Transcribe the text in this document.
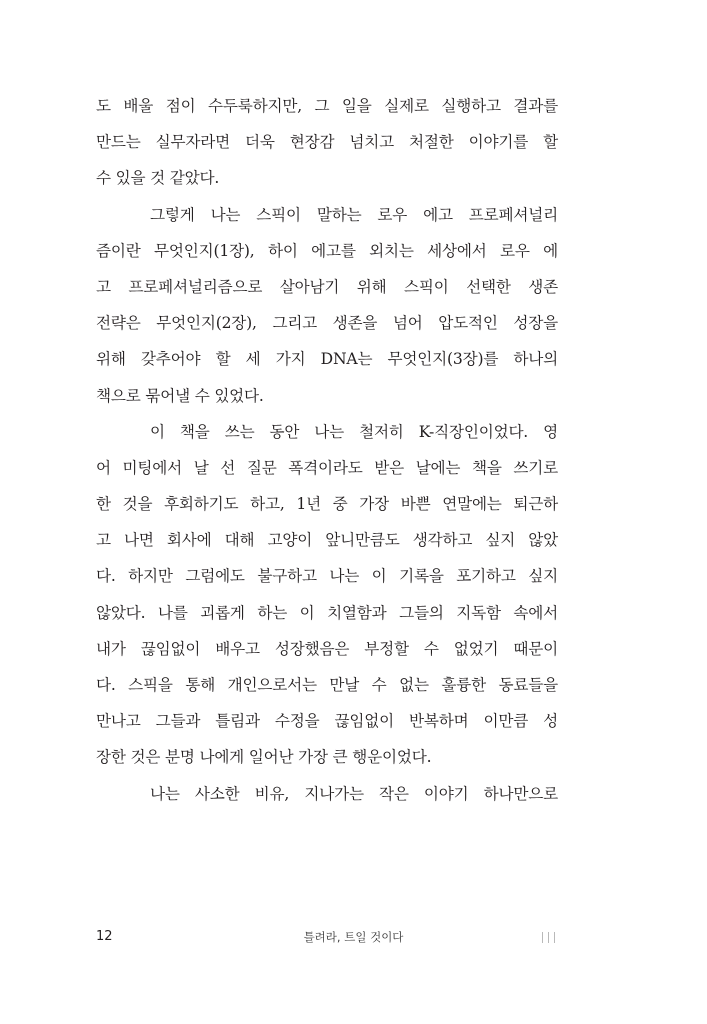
도 배울 점이 수두룩하지만, 그 일을 실제로 실행하고 결과를
만드는 실무자라면 더욱 현장감 넘치고 처절한 이야기를 할
수 있을 것 같았다.
그렇게 나는 스픽이 말하는 로우 에고 프로페셔널리
즘이란 무엇인지(1장), 하이 에고를 외치는 세상에서 로우 에
고 프로페셔널리즘으로 살아남기 위해 스픽이 선택한 생존
전략은 무엇인지(2장), 그리고 생존을 넘어 압도적인 성장을
위해 갖추어야 할 세 가지 DNA는 무엇인지(3장)를 하나의
책으로 묶어낼 수 있었다.
이 책을 쓰는 동안 나는 철저히 K-직장인이었다. 영
어 미팅에서 날 선 질문 폭격이라도 받은 날에는 책을 쓰기로
한 것을 후회하기도 하고, 1년 중 가장 바쁜 연말에는 퇴근하
고 나면 회사에 대해 고양이 앞니만큼도 생각하고 싶지 않았
다. 하지만 그럼에도 불구하고 나는 이 기록을 포기하고 싶지
않았다. 나를 괴롭게 하는 이 치열함과 그들의 지독함 속에서
내가 끊임없이 배우고 성장했음은 부정할 수 없었기 때문이
다. 스픽을 통해 개인으로서는 만날 수 없는 훌륭한 동료들을
만나고 그들과 틀림과 수정을 끊임없이 반복하며 이만큼 성
장한 것은 분명 나에게 일어난 가장 큰 행운이었다.
나는 사소한 비유, 지나가는 작은 이야기 하나만으로
12	틀려라, 트일 것이다
